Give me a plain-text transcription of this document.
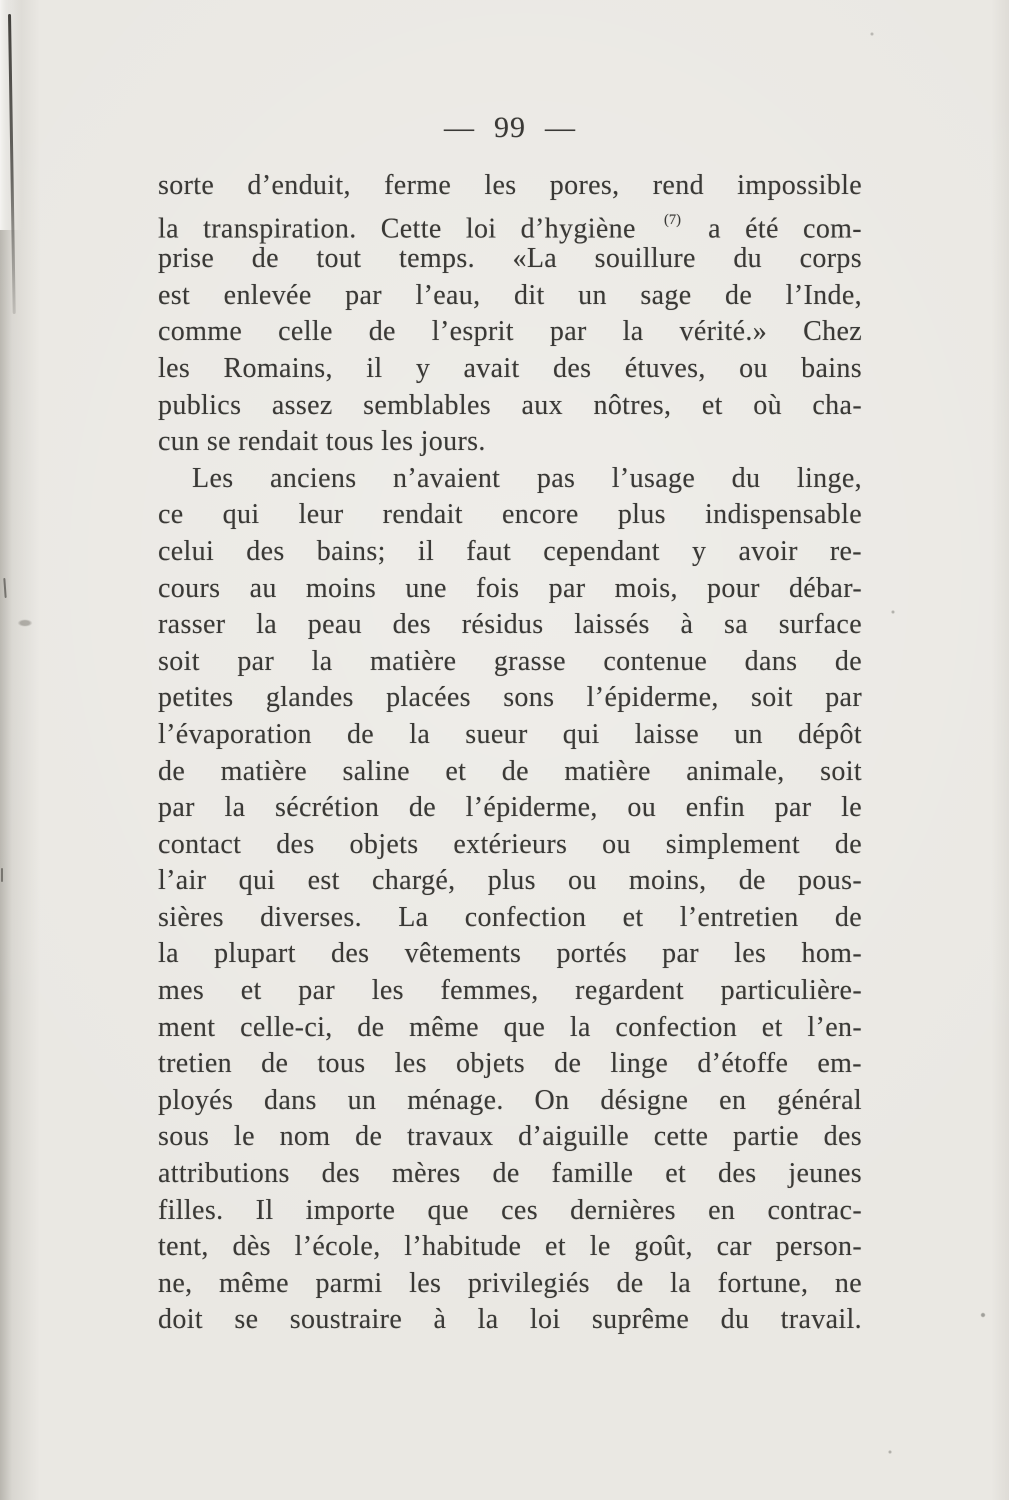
— 99 —
sorte d’enduit, ferme les pores, rend impossible
la transpiration. Cette loi d’hygiène $^{(7)}$ a été com-
prise de tout temps. «La souillure du corps
est enlevée par l’eau, dit un sage de l’Inde,
comme celle de l’esprit par la vérité.» Chez
les Romains, il y avait des étuves, ou bains
publics assez semblables aux nôtres, et où cha-
cun se rendait tous les jours.
Les anciens n’avaient pas l’usage du linge,
ce qui leur rendait encore plus indispensable
celui des bains; il faut cependant y avoir re-
cours au moins une fois par mois, pour débar-
rasser la peau des résidus laissés à sa surface
soit par la matière grasse contenue dans de
petites glandes placées sons l’épiderme, soit par
l’évaporation de la sueur qui laisse un dépôt
de matière saline et de matière animale, soit
par la sécrétion de l’épiderme, ou enfin par le
contact des objets extérieurs ou simplement de
l’air qui est chargé, plus ou moins, de pous-
sières diverses. La confection et l’entretien de
la plupart des vêtements portés par les hom-
mes et par les femmes, regardent particulière-
ment celle-ci, de même que la confection et l’en-
tretien de tous les objets de linge d’étoffe em-
ployés dans un ménage. On désigne en général
sous le nom de travaux d’aiguille cette partie des
attributions des mères de famille et des jeunes
filles. Il importe que ces dernières en contrac-
tent, dès l’école, l’habitude et le goût, car person-
ne, même parmi les privilegiés de la fortune, ne
doit se soustraire à la loi suprême du travail.
